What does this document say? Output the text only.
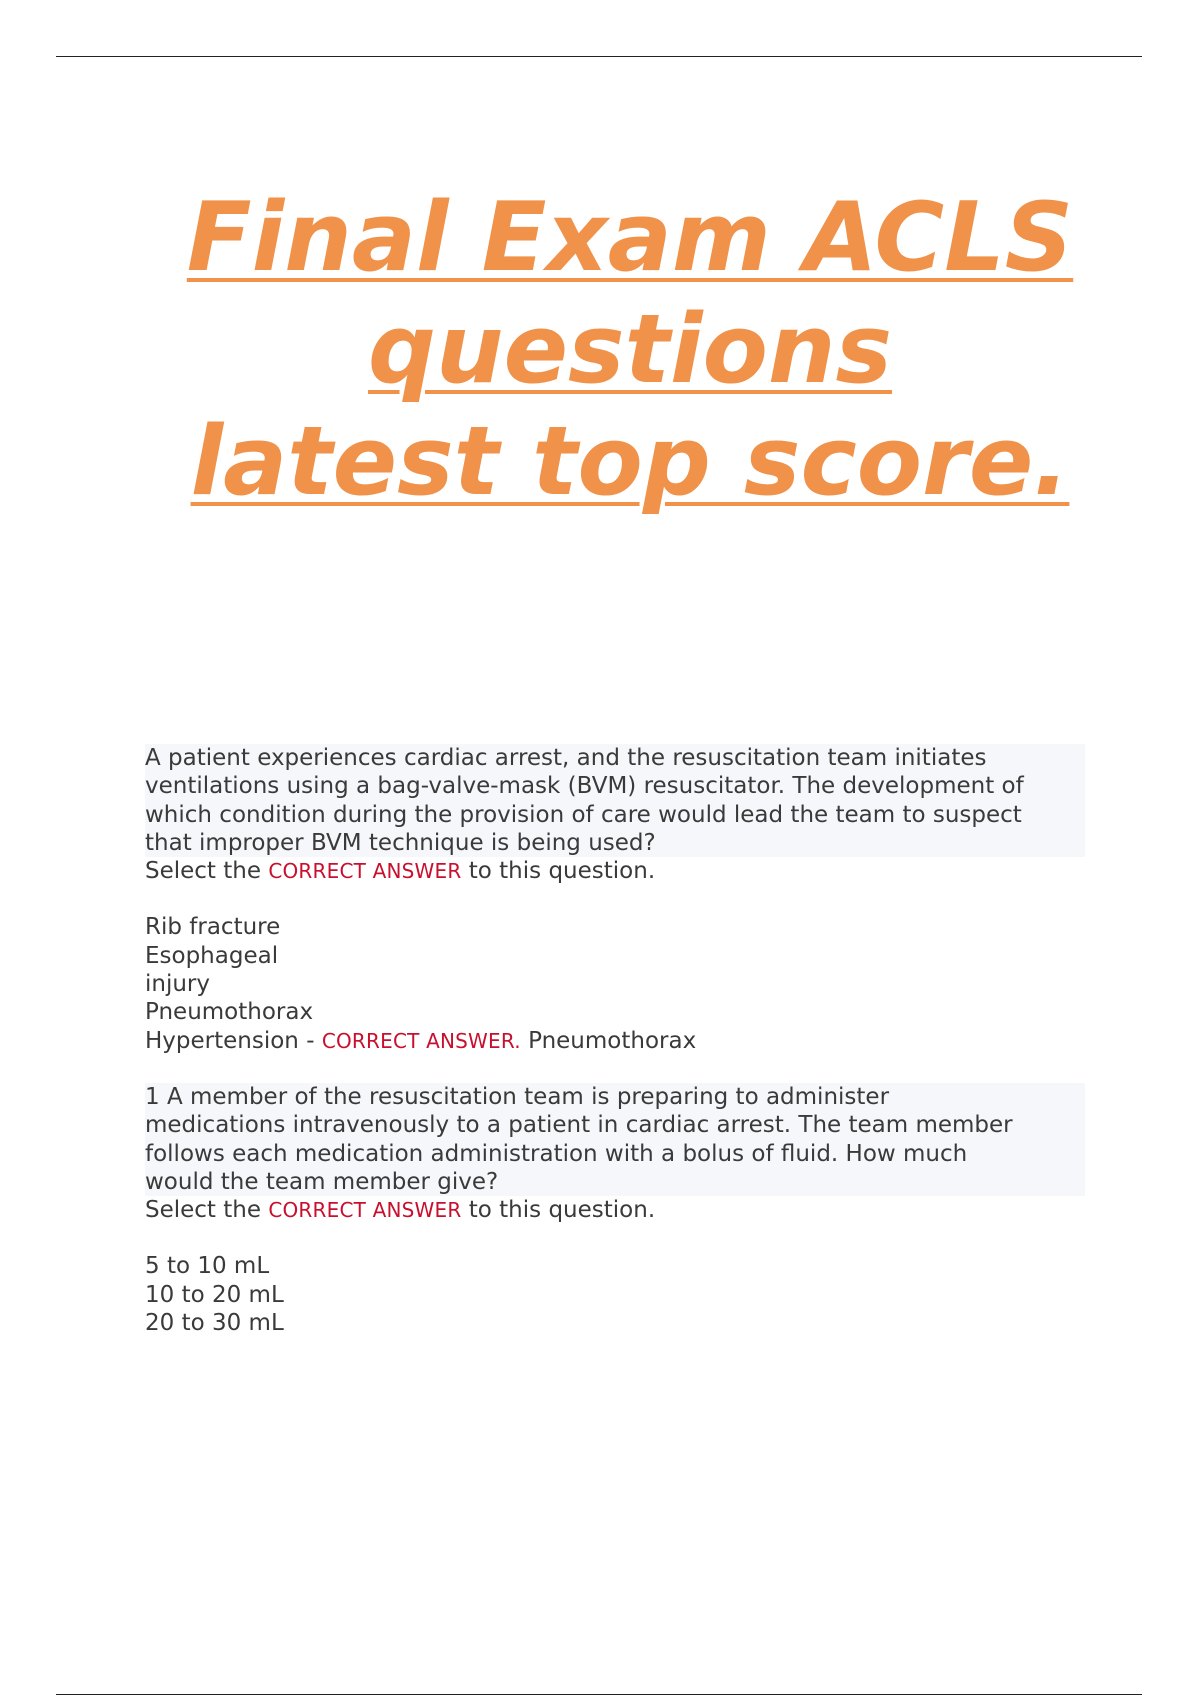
Final Exam ACLS
questions
latest top score.
A patient experiences cardiac arrest, and the resuscitation team initiates
ventilations using a bag-valve-mask (BVM) resuscitator. The development of
which condition during the provision of care would lead the team to suspect
that improper BVM technique is being used?
Select the CORRECT ANSWER to this question.
Rib fracture
Esophageal
injury
Pneumothorax
Hypertension - CORRECT ANSWER. Pneumothorax
1 A member of the resuscitation team is preparing to administer
medications intravenously to a patient in cardiac arrest. The team member
follows each medication administration with a bolus of fluid. How much
would the team member give?
Select the CORRECT ANSWER to this question.
5 to 10 mL
10 to 20 mL
20 to 30 mL
